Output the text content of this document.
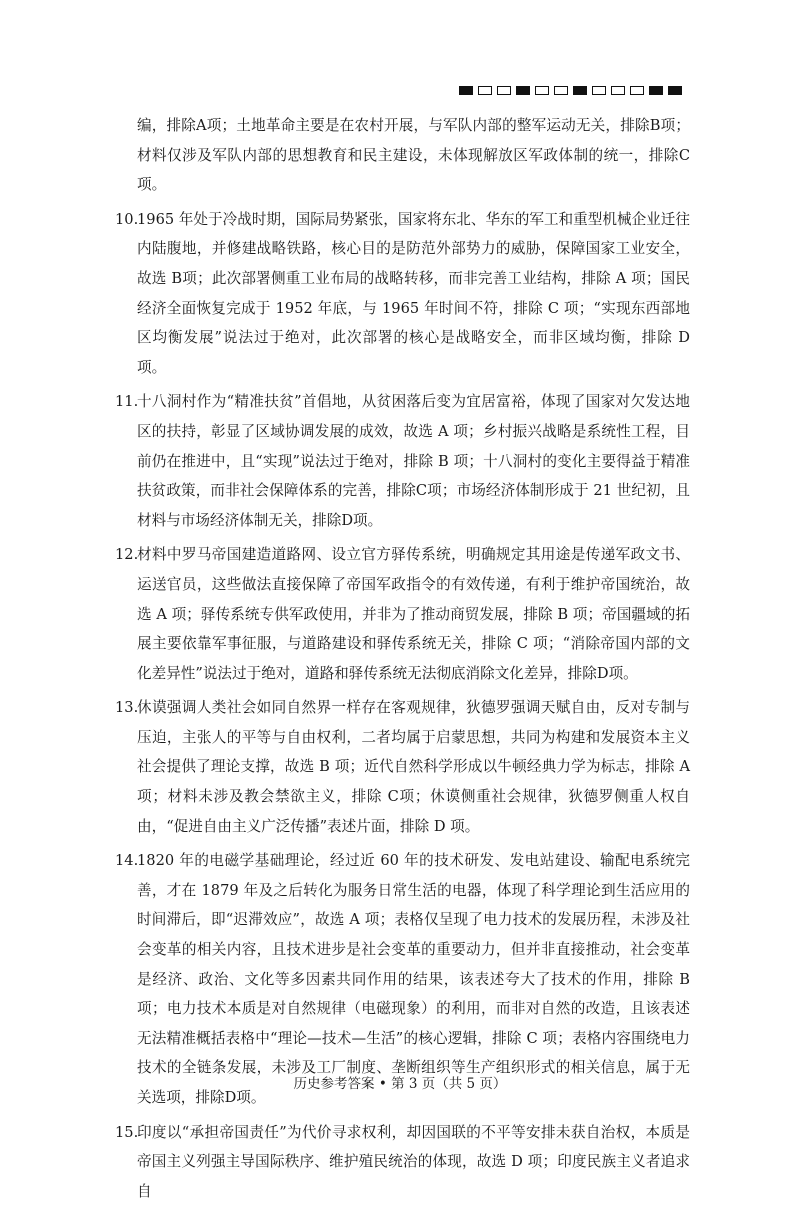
编，排除A项；土地革命主要是在农村开展，与军队内部的整军运动无关，排除B项；材料仅涉及军队内部的思想教育和民主建设，未体现解放区军政体制的统一，排除C项。
10.
1965 年处于冷战时期，国际局势紧张，国家将东北、华东的军工和重型机械企业迁往内陆腹地，并修建战略铁路，核心目的是防范外部势力的威胁，保障国家工业安全，故选 B项；此次部署侧重工业布局的战略转移，而非完善工业结构，排除 A 项；国民经济全面恢复完成于 1952 年底，与 1965 年时间不符，排除 C 项；“实现东西部地区均衡发展”说法过于绝对，此次部署的核心是战略安全，而非区域均衡，排除 D 项。
11.
十八洞村作为“精准扶贫”首倡地，从贫困落后变为宜居富裕，体现了国家对欠发达地区的扶持，彰显了区域协调发展的成效，故选 A 项；乡村振兴战略是系统性工程，目前仍在推进中，且“实现”说法过于绝对，排除 B 项；十八洞村的变化主要得益于精准扶贫政策，而非社会保障体系的完善，排除C项；市场经济体制形成于 21 世纪初，且材料与市场经济体制无关，排除D项。
12.
材料中罗马帝国建造道路网、设立官方驿传系统，明确规定其用途是传递军政文书、运送官员，这些做法直接保障了帝国军政指令的有效传递，有利于维护帝国统治，故选 A 项；驿传系统专供军政使用，并非为了推动商贸发展，排除 B 项；帝国疆域的拓展主要依靠军事征服，与道路建设和驿传系统无关，排除 C 项；“消除帝国内部的文化差异性”说法过于绝对，道路和驿传系统无法彻底消除文化差异，排除D项。
13.
休谟强调人类社会如同自然界一样存在客观规律，狄德罗强调天赋自由，反对专制与压迫，主张人的平等与自由权利，二者均属于启蒙思想，共同为构建和发展资本主义社会提供了理论支撑，故选 B 项；近代自然科学形成以牛顿经典力学为标志，排除 A 项；材料未涉及教会禁欲主义，排除 C项；休谟侧重社会规律，狄德罗侧重人权自由，“促进自由主义广泛传播”表述片面，排除 D 项。
14.
1820 年的电磁学基础理论，经过近 60 年的技术研发、发电站建设、输配电系统完善，才在 1879 年及之后转化为服务日常生活的电器，体现了科学理论到生活应用的时间滞后，即“迟滞效应”，故选 A 项；表格仅呈现了电力技术的发展历程，未涉及社会变革的相关内容，且技术进步是社会变革的重要动力，但并非直接推动，社会变革是经济、政治、文化等多因素共同作用的结果，该表述夸大了技术的作用，排除 B 项；电力技术本质是对自然规律（电磁现象）的利用，而非对自然的改造，且该表述无法精准概括表格中“理论—技术—生活”的核心逻辑，排除 C 项；表格内容围绕电力技术的全链条发展，未涉及工厂制度、垄断组织等生产组织形式的相关信息，属于无关选项，排除D项。
15.
印度以“承担帝国责任”为代价寻求权利，却因国联的不平等安排未获自治权，本质是帝国主义列强主导国际秩序、维护殖民统治的体现，故选 D 项；印度民族主义者追求自
历史参考答案 • 第 3 页（共 5 页）
